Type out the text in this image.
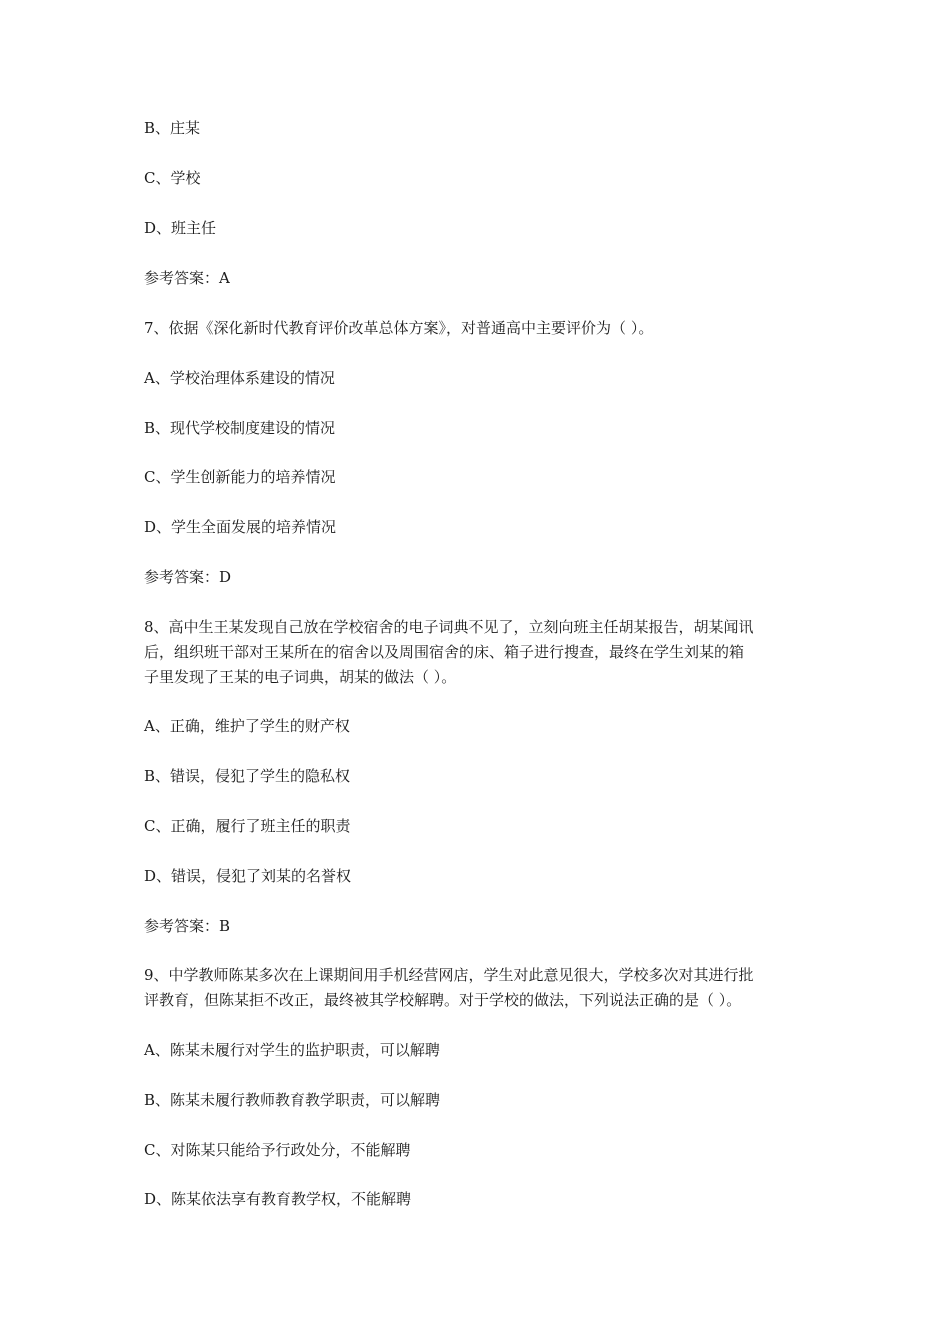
B、庄某
C、学校
D、班主任
参考答案：A
7、依据《深化新时代教育评价改革总体方案》，对普通高中主要评价为（ ）。
A、学校治理体系建设的情况
B、现代学校制度建设的情况
C、学生创新能力的培养情况
D、学生全面发展的培养情况
参考答案：D
8、高中生王某发现自己放在学校宿舍的电子词典不见了，立刻向班主任胡某报告，胡某闻讯
后，组织班干部对王某所在的宿舍以及周围宿舍的床、箱子进行搜查，最终在学生刘某的箱
子里发现了王某的电子词典，胡某的做法（ ）。
A、正确，维护了学生的财产权
B、错误，侵犯了学生的隐私权
C、正确，履行了班主任的职责
D、错误，侵犯了刘某的名誉权
参考答案：B
9、中学教师陈某多次在上课期间用手机经营网店，学生对此意见很大，学校多次对其进行批
评教育，但陈某拒不改正，最终被其学校解聘。对于学校的做法，下列说法正确的是（ ）。
A、陈某未履行对学生的监护职责，可以解聘
B、陈某未履行教师教育教学职责，可以解聘
C、对陈某只能给予行政处分，不能解聘
D、陈某依法享有教育教学权，不能解聘
